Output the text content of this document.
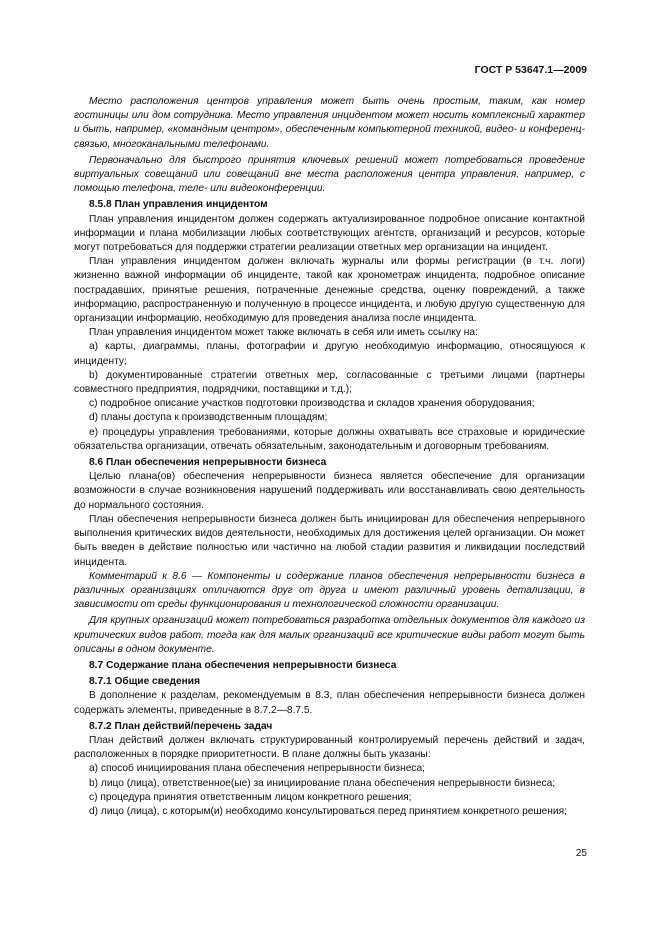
ГОСТ Р 53647.1—2009

Место расположения центров управления может быть очень простым, таким, как номер гостиницы или дом сотрудника. Место управления инцидентом может носить комплексный характер и быть, например, «командным центром», обеспеченным компьютерной техникой, видео- и конференц-связью, многоканальными телефонами.

Первоначально для быстрого принятия ключевых решений может потребоваться проведение виртуальных совещаний или совещаний вне места расположения центра управления, например, с помощью телефона, теле- или видеоконференции.

8.5.8 План управления инцидентом

План управления инцидентом должен содержать актуализированное подробное описание контактной информации и плана мобилизации любых соответствующих агентств, организаций и ресурсов, которые могут потребоваться для поддержки стратегии реализации ответных мер организации на инцидент.

План управления инцидентом должен включать журналы или формы регистрации (в т.ч. логи) жизненно важной информации об инциденте, такой как хронометраж инцидента, подробное описание пострадавших, принятые решения, потраченные денежные средства, оценку повреждений, а также информацию, распространенную и полученную в процессе инцидента, и любую другую существенную для организации информацию, необходимую для проведения анализа после инцидента.

План управления инцидентом может также включать в себя или иметь ссылку на:

а) карты, диаграммы, планы, фотографии и другую необходимую информацию, относящуюся к инциденту;

b) документированные стратегии ответных мер, согласованные с третьими лицами (партнеры совместного предприятия, подрядчики, поставщики и т.д.);

с) подробное описание участков подготовки производства и складов хранения оборудования;

d) планы доступа к производственным площадям;

е) процедуры управления требованиями, которые должны охватывать все страховые и юридические обязательства организации, отвечать обязательным, законодательным и договорным требованиям.

8.6 План обеспечения непрерывности бизнеса

Целью плана(ов) обеспечения непрерывности бизнеса является обеспечение для организации возможности в случае возникновения нарушений поддерживать или восстанавливать свою деятельность до нормального состояния.

План обеспечения непрерывности бизнеса должен быть инициирован для обеспечения непрерывного выполнения критических видов деятельности, необходимых для достижения целей организации. Он может быть введен в действие полностью или частично на любой стадии развития и ликвидации последствий инцидента.

Комментарий к 8.6 — Компоненты и содержание планов обеспечения непрерывности бизнеса в различных организациях отличаются друг от друга и имеют различный уровень детализации, в зависимости от среды функционирования и технологической сложности организации.

Для крупных организаций может потребоваться разработка отдельных документов для каждого из критических видов работ, тогда как для малых организаций все критические виды работ могут быть описаны в одном документе.

8.7 Содержание плана обеспечения непрерывности бизнеса

8.7.1 Общие сведения

В дополнение к разделам, рекомендуемым в 8.3, план обеспечения непрерывности бизнеса должен содержать элементы, приведенные в 8.7.2—8.7.5.

8.7.2 План действий/перечень задач

План действий должен включать структурированный контролируемый перечень действий и задач, расположенных в порядке приоритетности. В плане должны быть указаны:

а) способ инициирования плана обеспечения непрерывности бизнеса;

b) лицо (лица), ответственное(ые) за инициирование плана обеспечения непрерывности бизнеса;

с) процедура принятия ответственным лицом конкретного решения;

d) лицо (лица), с которым(и) необходимо консультироваться перед принятием конкретного решения;

25
